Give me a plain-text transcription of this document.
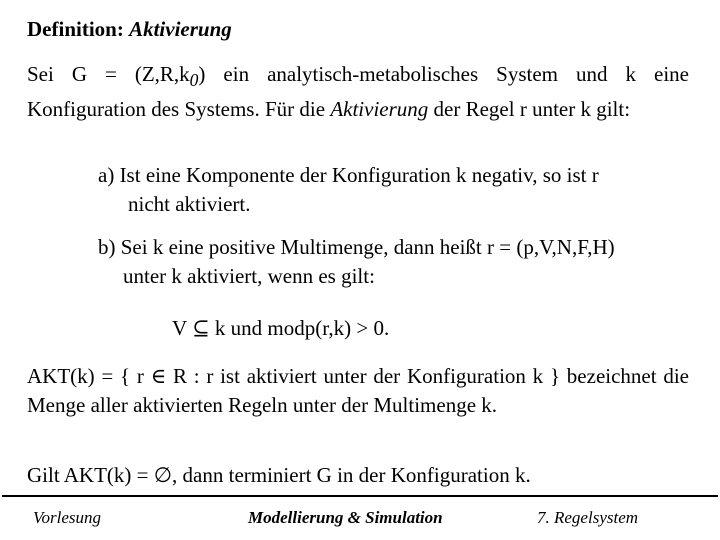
Definition: Aktivierung
Sei $G = (Z,R,k_0)$ ein analytisch-metabolisches System und k eine Konfiguration des Systems. Für die Aktivierung der Regel r unter k gilt:
a) Ist eine Komponente der Konfiguration k negativ, so ist r
nicht aktiviert.
b) Sei k eine positive Multimenge, dann heißt r = (p,V,N,F,H)
unter k aktiviert, wenn es gilt:
V ⊆ k und modp(r,k) > 0.
AKT(k) = { r ∈ R : r ist aktiviert unter der Konfiguration k } bezeichnet die Menge aller aktivierten Regeln unter der Multimenge k.
Gilt AKT(k) = ∅, dann terminiert G in der Konfiguration k.
Vorlesung	Modellierung & Simulation	7. Regelsystem
